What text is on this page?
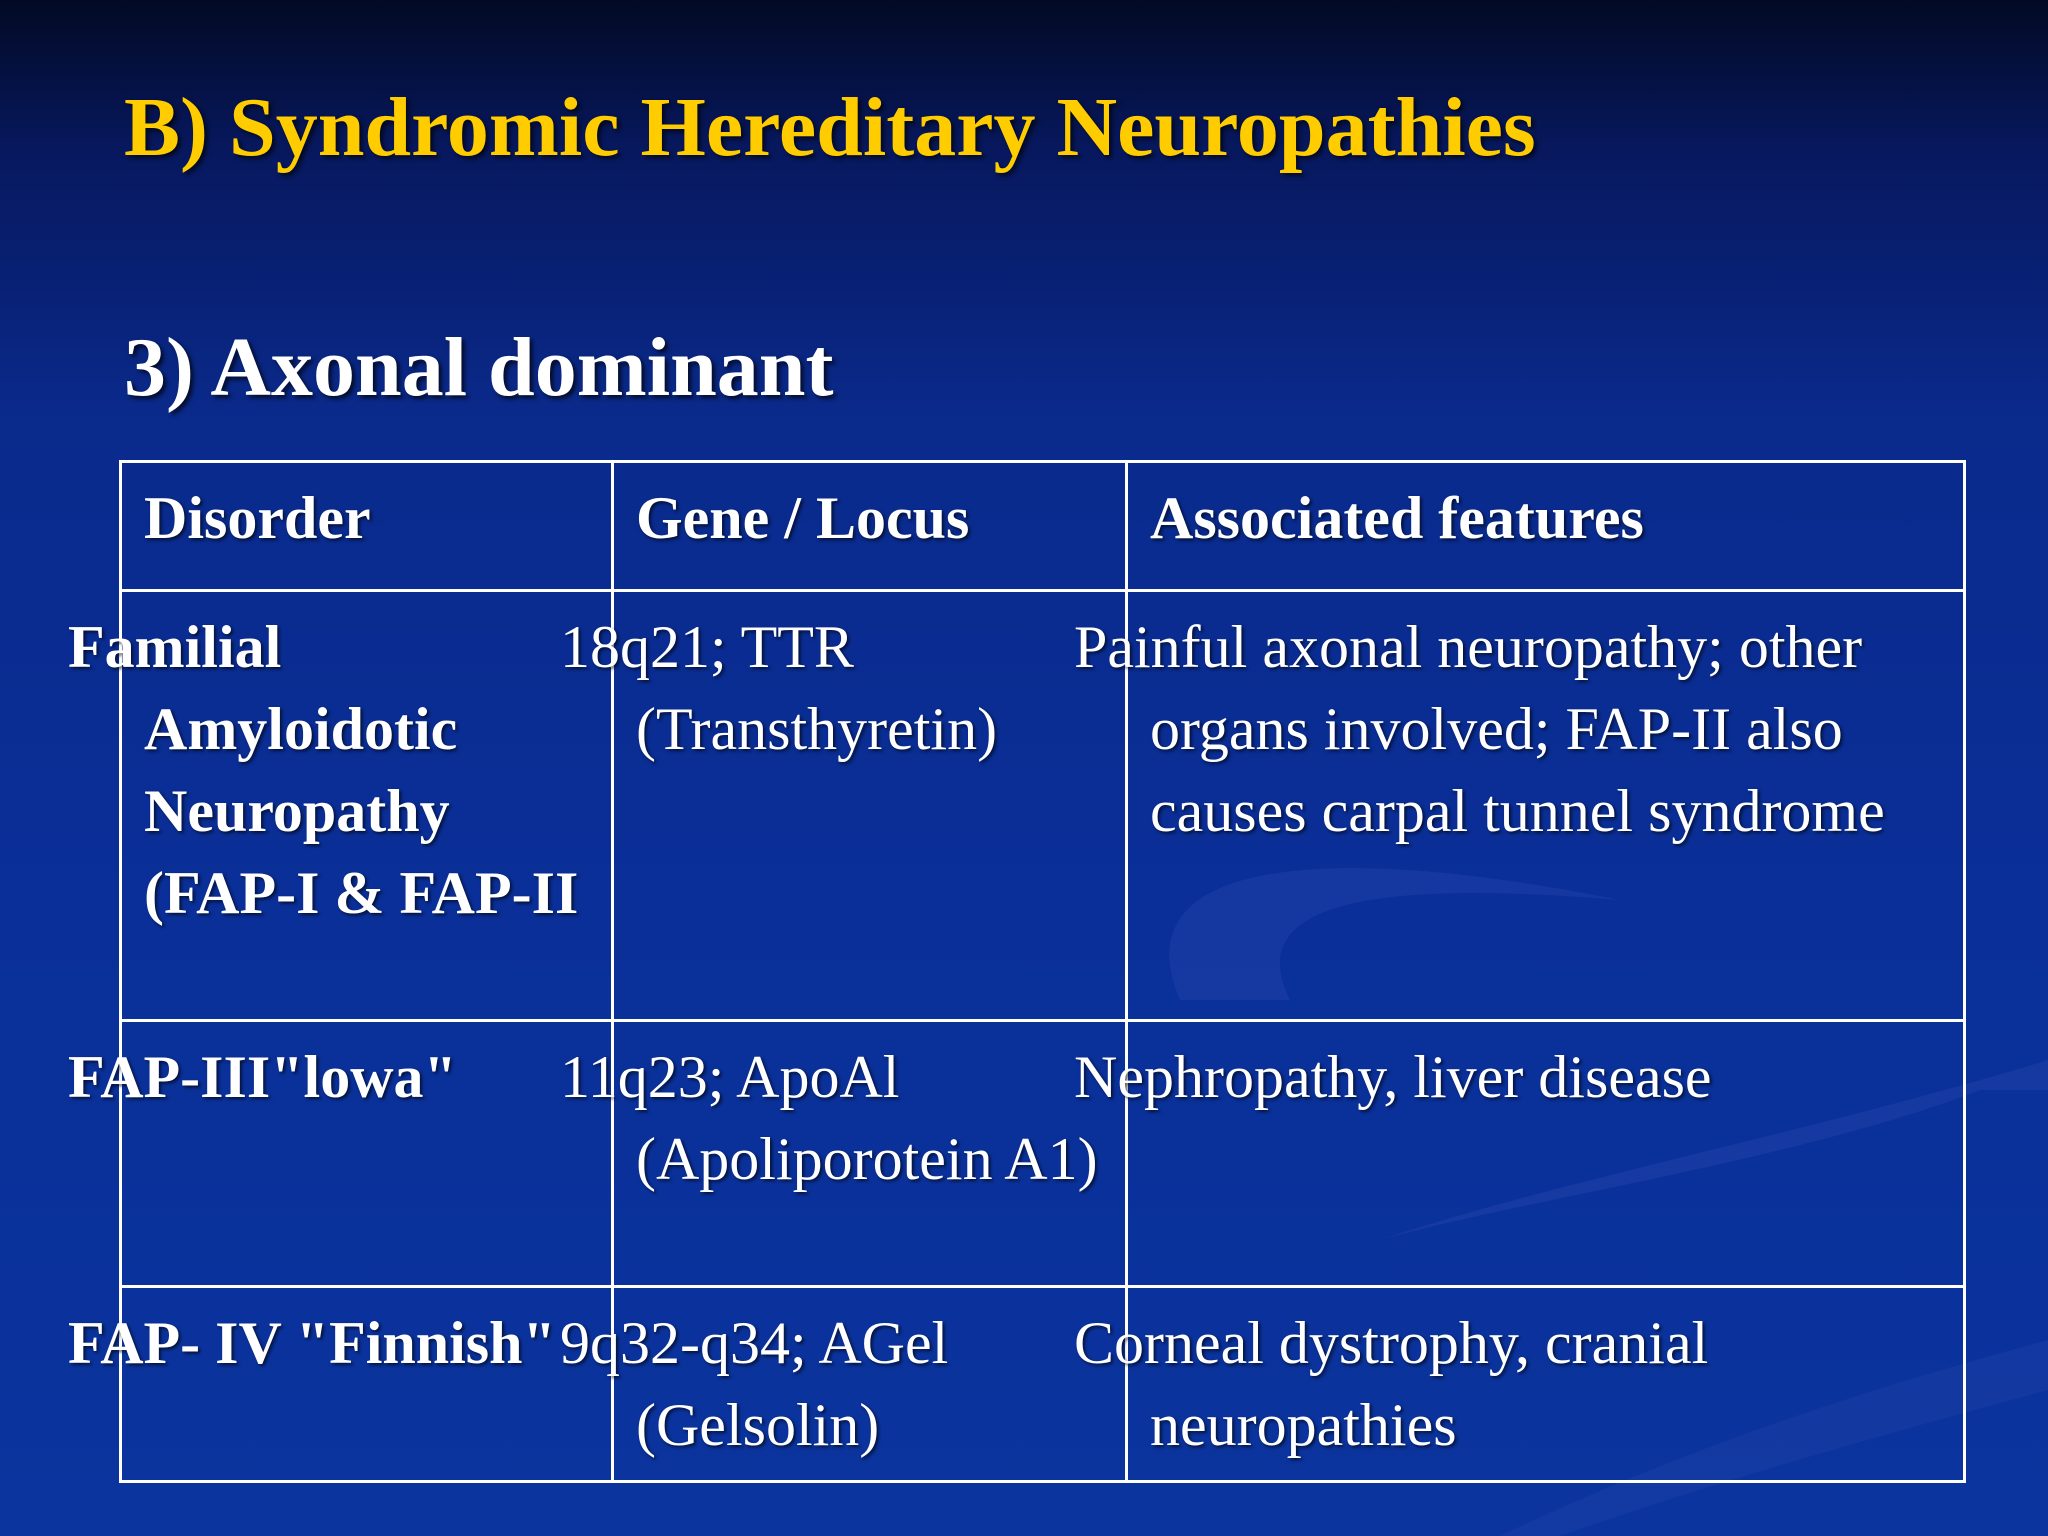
B) Syndromic Hereditary Neuropathies
3) Axonal dominant
Disorder	Gene / Locus	Associated features
Familial Amyloidotic Neuropathy (FAP-I & FAP-II	18q21; TTR (Transthyretin)	Painful axonal neuropathy; other organs involved; FAP-II also causes carpal tunnel syndrome
FAP-III"lowa"	11q23; ApoAl (Apoliporotein A1)	Nephropathy, liver disease
FAP- IV "Finnish"	9q32-q34; AGel (Gelsolin)	Corneal dystrophy, cranial neuropathies
